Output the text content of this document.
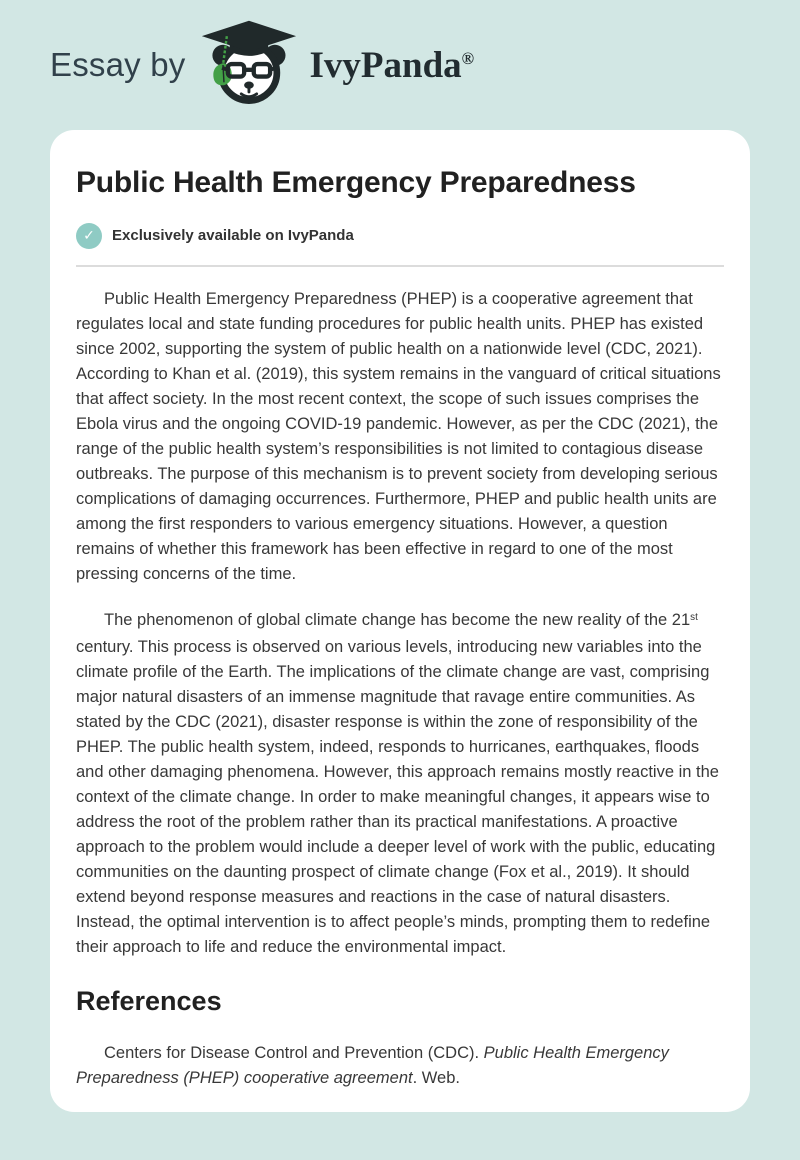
Essay by	IvyPanda®
Public Health Emergency Preparedness
✓	Exclusively available on IvyPanda

Public Health Emergency Preparedness (PHEP) is a cooperative agreement that regulates local and state funding procedures for public health units. PHEP has existed since 2002, supporting the system of public health on a nationwide level (CDC, 2021). According to Khan et al. (2019), this system remains in the vanguard of critical situations that affect society. In the most recent context, the scope of such issues comprises the Ebola virus and the ongoing COVID-19 pandemic. However, as per the CDC (2021), the range of the public health system’s responsibilities is not limited to contagious disease outbreaks. The purpose of this mechanism is to prevent society from developing serious complications of damaging occurrences. Furthermore, PHEP and public health units are among the first responders to various emergency situations. However, a question remains of whether this framework has been effective in regard to one of the most pressing concerns of the time.

The phenomenon of global climate change has become the new reality of the 21st century. This process is observed on various levels, introducing new variables into the climate profile of the Earth. The implications of the climate change are vast, comprising major natural disasters of an immense magnitude that ravage entire communities. As stated by the CDC (2021), disaster response is within the zone of responsibility of the PHEP. The public health system, indeed, responds to hurricanes, earthquakes, floods and other damaging phenomena. However, this approach remains mostly reactive in the context of the climate change. In order to make meaningful changes, it appears wise to address the root of the problem rather than its practical manifestations. A proactive approach to the problem would include a deeper level of work with the public, educating communities on the daunting prospect of climate change (Fox et al., 2019). It should extend beyond response measures and reactions in the case of natural disasters. Instead, the optimal intervention is to affect people’s minds, prompting them to redefine their approach to life and reduce the environmental impact.

References

Centers for Disease Control and Prevention (CDC). Public Health Emergency Preparedness (PHEP) cooperative agreement. Web.
